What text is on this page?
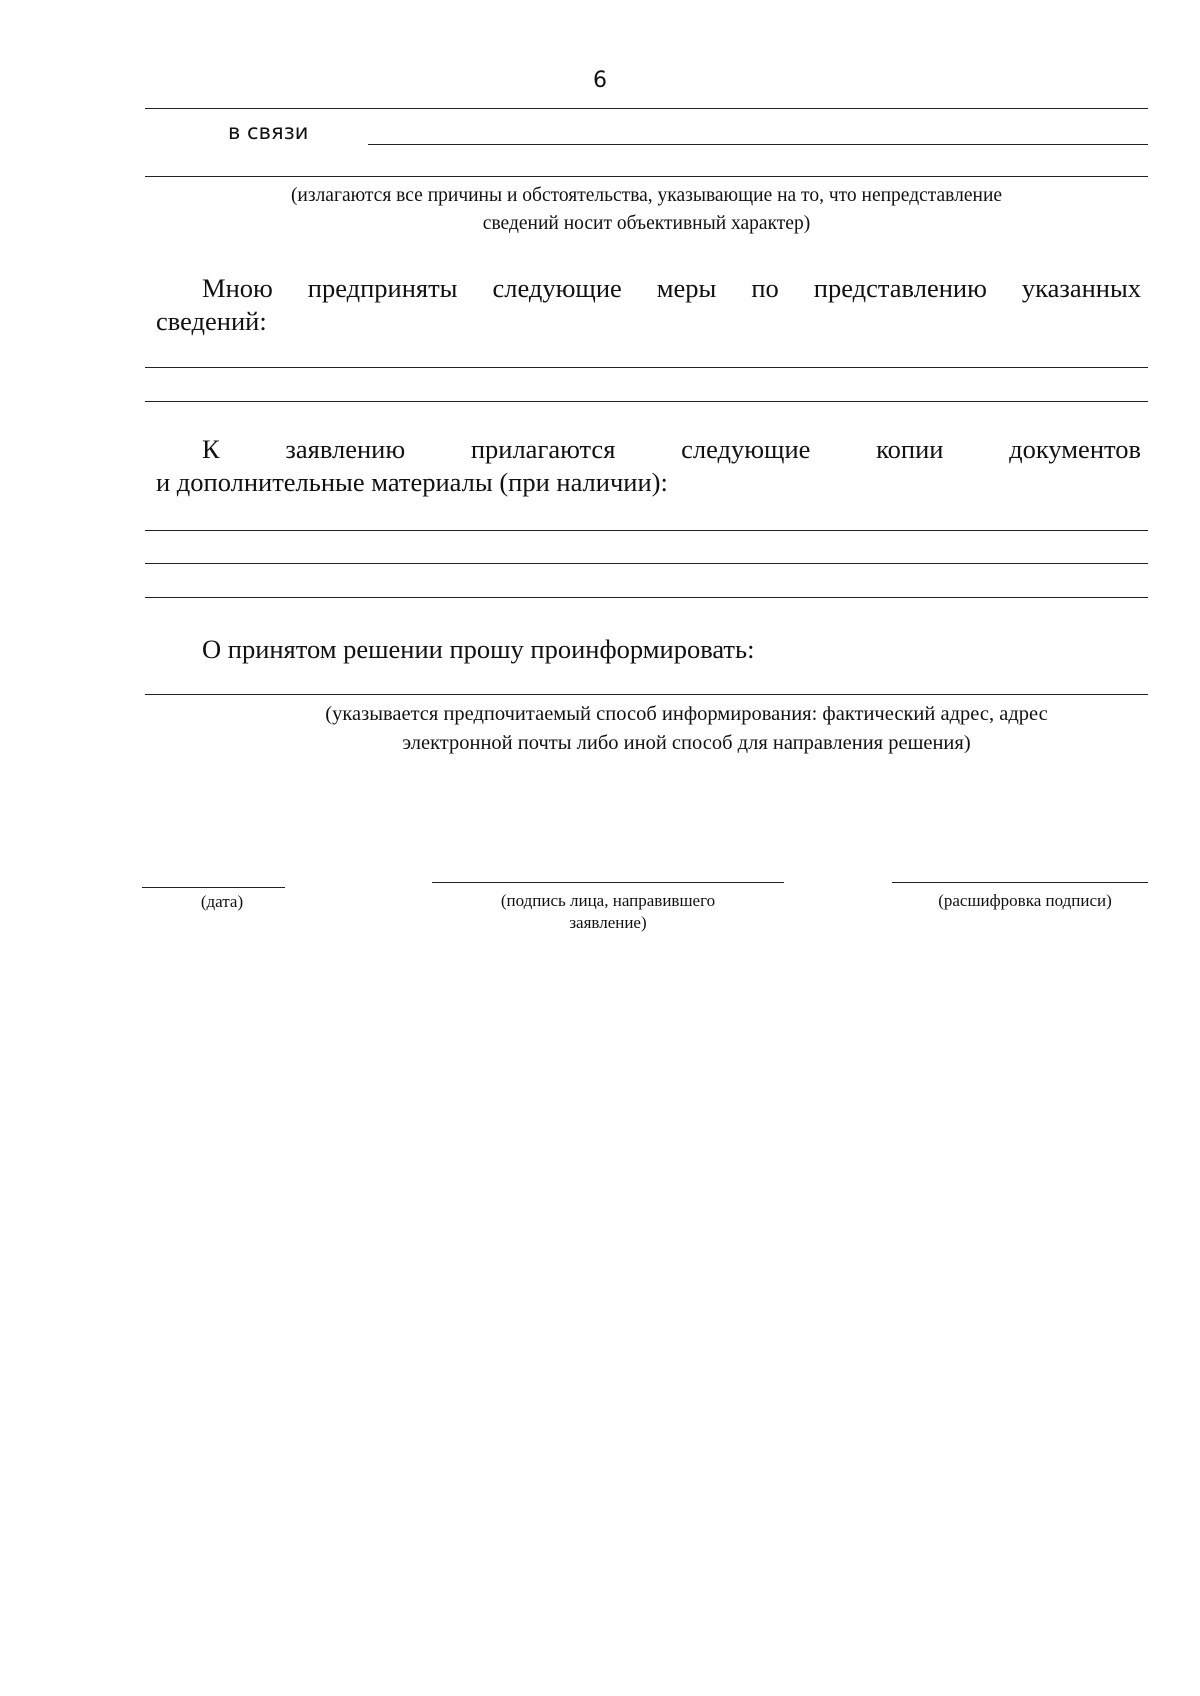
6
в связи
(излагаются все причины и обстоятельства, указывающие на то, что непредставление
сведений носит объективный характер)
Мною предприняты следующие меры по представлению указанных
сведений:
К заявлению прилагаются следующие копии документов
и дополнительные материалы (при наличии):
О принятом решении прошу проинформировать:
(указывается предпочитаемый способ информирования: фактический адрес, адрес
электронной почты либо иной способ для направления решения)
(дата)	(подпись лица, направившего
заявление)
(расшифровка подписи)
